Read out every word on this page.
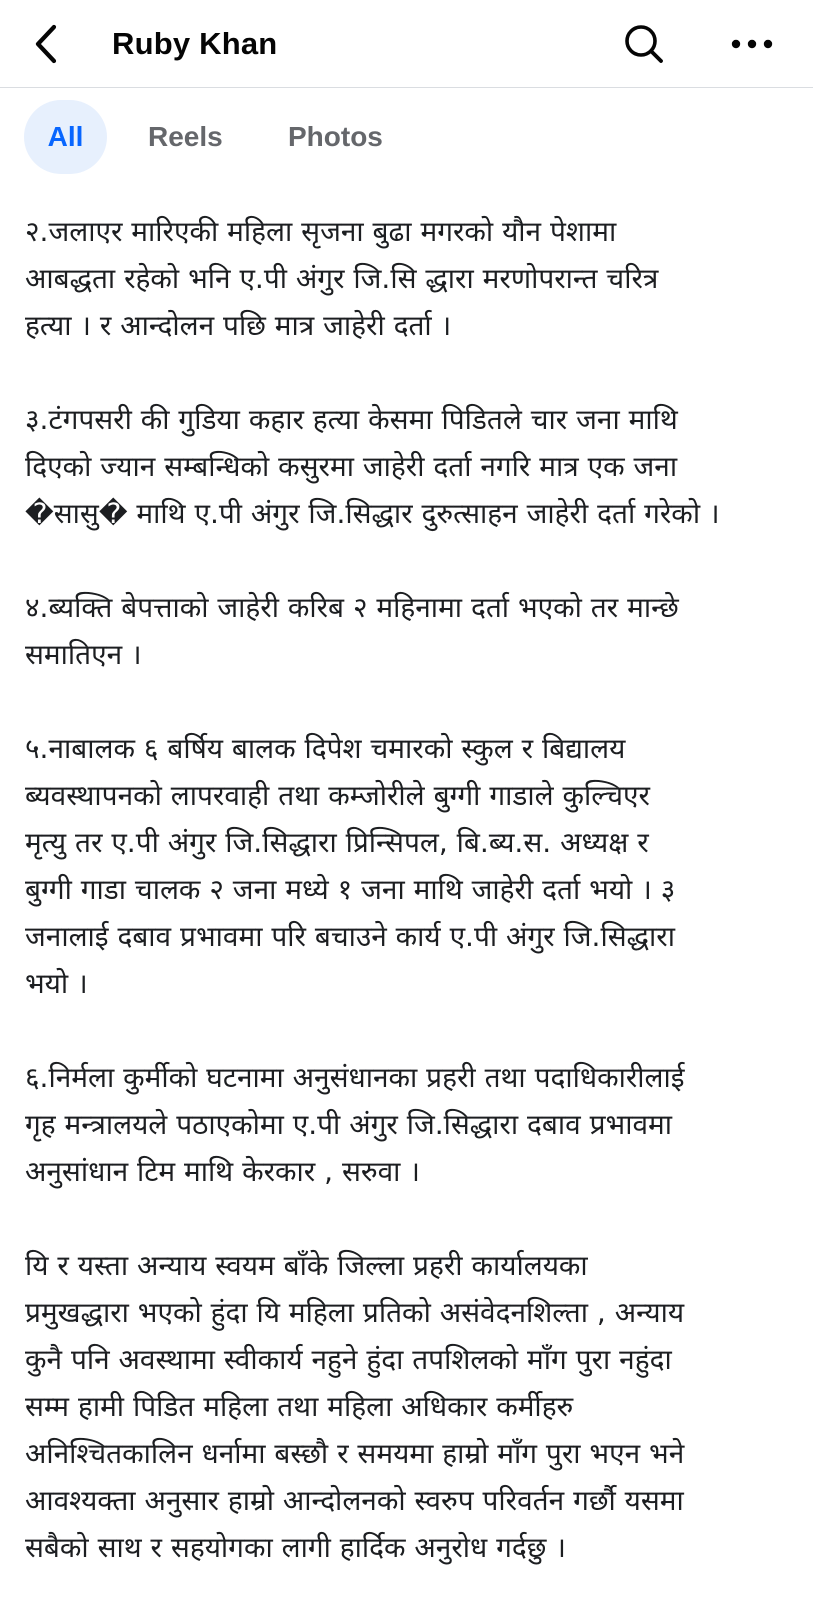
Ruby Khan
All	Reels Photos

२.जलाएर मारिएकी महिला सृजना बुढा मगरको यौन पेशामा
आबद्धता रहेको भनि ए.पी अंगुर जि.सि द्धारा मरणोपरान्त चरित्र
हत्या । र आन्दोलन पछि मात्र जाहेरी दर्ता ।

३.टंगपसरी की गुडिया कहार हत्या केसमा पिडितले चार जना माथि
दिएको ज्यान सम्बन्धिको कसुरमा जाहेरी दर्ता नगरि मात्र एक जना
�सासु� माथि ए.पी अंगुर जि.सिद्धार दुरुत्साहन जाहेरी दर्ता गरेको ।

४.ब्यक्ति बेपत्ताको जाहेरी करिब २ महिनामा दर्ता भएको तर मान्छे
समातिएन ।

५.नाबालक ६ बर्षिय बालक दिपेश चमारको स्कुल र बिद्यालय
ब्यवस्थापनको लापरवाही तथा कम्जोरीले बुग्गी गाडाले कुल्चिएर
मृत्यु तर ए.पी अंगुर जि.सिद्धारा प्रिन्सिपल, बि.ब्य.स. अध्यक्ष र
बुग्गी गाडा चालक २ जना मध्ये १ जना माथि जाहेरी दर्ता भयो । ३
जनालाई दबाव प्रभावमा परि बचाउने कार्य ए.पी अंगुर जि.सिद्धारा
भयो ।

६.निर्मला कुर्मीको घटनामा अनुसंधानका प्रहरी तथा पदाधिकारीलाई
गृह मन्त्रालयले पठाएकोमा ए.पी अंगुर जि.सिद्धारा दबाव प्रभावमा
अनुसांधान टिम माथि केरकार , सरुवा ।

यि र यस्ता अन्याय स्वयम बाँके जिल्ला प्रहरी कार्यालयका
प्रमुखद्धारा भएको हुंदा यि महिला प्रतिको असंवेदनशिल्ता , अन्याय
कुनै पनि अवस्थामा स्वीकार्य नहुने हुंदा तपशिलको माँग पुरा नहुंदा
सम्म हामी पिडित महिला तथा महिला अधिकार कर्मीहरु
अनिश्चितकालिन धर्नामा बस्छौ र समयमा हाम्रो माँग पुरा भएन भने
आवश्यक्ता अनुसार हाम्रो आन्दोलनको स्वरुप परिवर्तन गर्छौ यसमा
सबैको साथ र सहयोगका लागी हार्दिक अनुरोध गर्दछु ।
